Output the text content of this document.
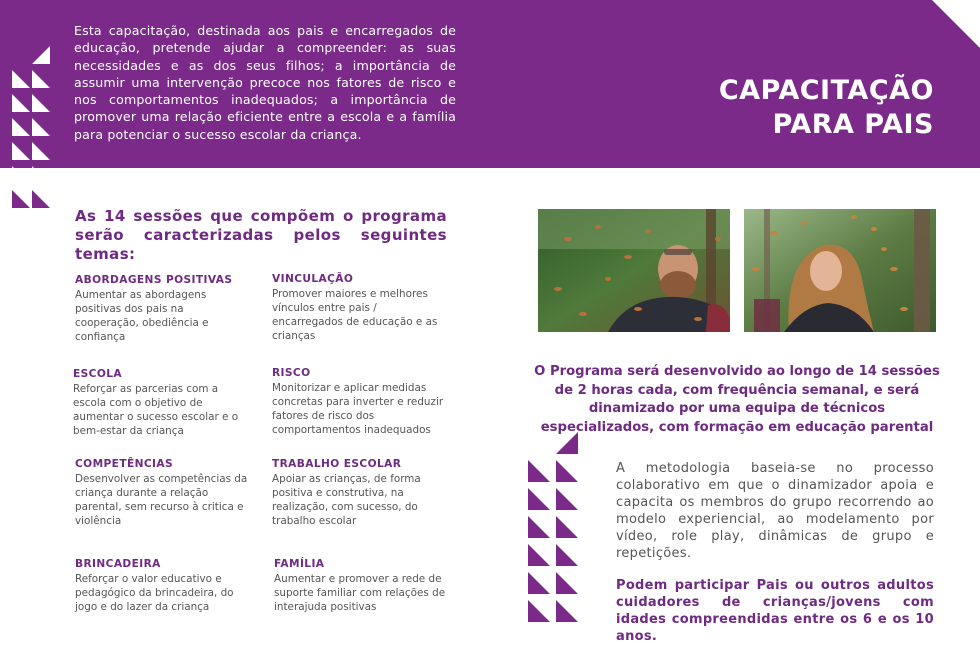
Esta capacitação, destinada aos pais e encarregados de educação, pretende ajudar a compreender: as suas necessidades e as dos seus filhos; a importância de assumir uma intervenção precoce nos fatores de risco e nos comportamentos inadequados; a importância de promover uma relação eficiente entre a escola e a família para potenciar o sucesso escolar da criança.

CAPACITAÇÃO
PARA PAIS
As 14 sessões que compõem o programa serão caracterizadas pelos seguintes temas:

ABORDAGENS POSITIVAS

Aumentar as abordagens positivas dos pais na cooperação, obediência e confiança

VINCULAÇÃO

Promover maiores e melhores vínculos entre pais / encarregados de educação e as crianças

ESCOLA

Reforçar as parcerias com a escola com o objetivo de aumentar o sucesso escolar e o bem-estar da criança

RISCO

Monitorizar e aplicar medidas concretas para inverter e reduzir fatores de risco dos comportamentos inadequados

COMPETÊNCIAS

Desenvolver as competências da criança durante a relação parental, sem recurso à critica e violência

TRABALHO ESCOLAR

Apoiar as crianças, de forma positiva e construtiva, na realização, com sucesso, do trabalho escolar

BRINCADEIRA

Reforçar o valor educativo e pedagógico da brincadeira, do jogo e do lazer da criança

FAMÍLIA

Aumentar e promover a rede de suporte familiar com relações de interajuda positivas

O Programa será desenvolvido ao longo de 14 sessões de 2 horas cada, com frequência semanal, e será dinamizado por uma equipa de técnicos especializados, com formação em educação parental

A metodologia baseia-se no processo colaborativo em que o dinamizador apoia e capacita os membros do grupo recorrendo ao modelo experiencial, ao modelamento por vídeo, role play, dinâmicas de grupo e repetições.

Podem participar Pais ou outros adultos cuidadores de crianças/jovens com idades compreendidas entre os 6 e os 10 anos.
